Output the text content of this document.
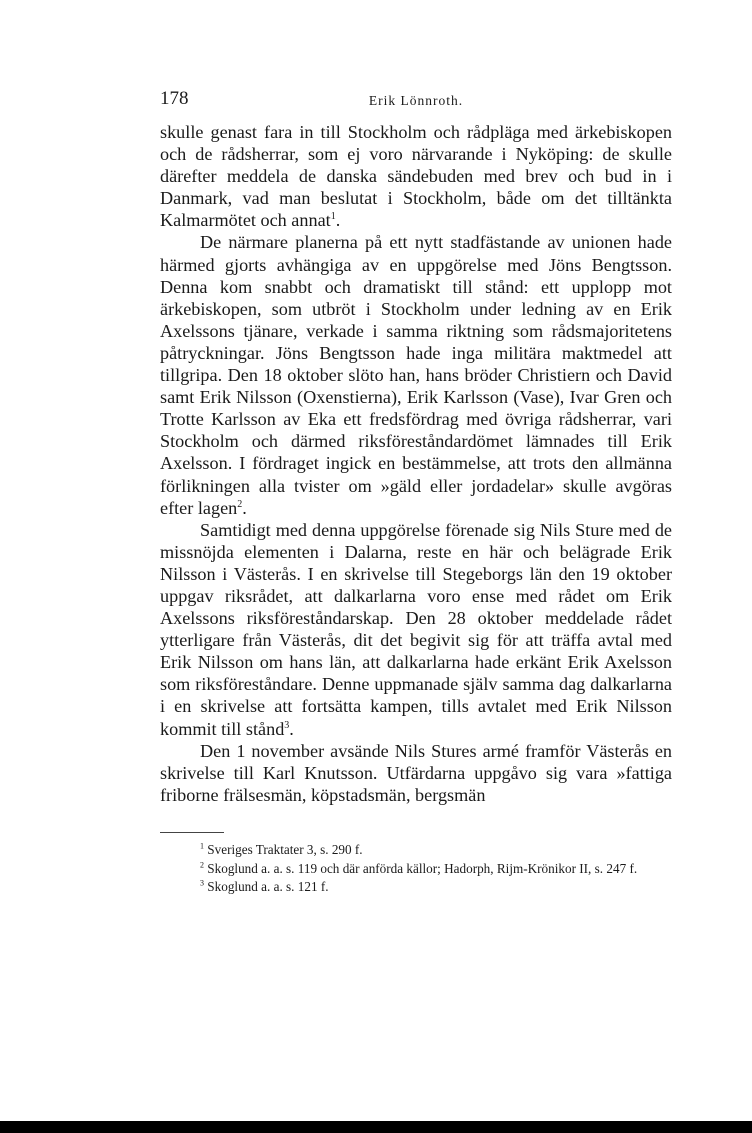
178	Erik Lönnroth.

skulle genast fara in till Stockholm och rådpläga med ärkebiskopen och de rådsherrar, som ej voro närvarande i Nyköping: de skulle därefter meddela de danska sändebuden med brev och bud in i Danmark, vad man beslutat i Stockholm, både om det tilltänkta Kalmarmötet och annat$^1$.

De närmare planerna på ett nytt stadfästande av unionen hade härmed gjorts avhängiga av en uppgörelse med Jöns Bengtsson. Denna kom snabbt och dramatiskt till stånd: ett upplopp mot ärkebiskopen, som utbröt i Stockholm under ledning av en Erik Axelssons tjänare, verkade i samma riktning som rådsmajoritetens påtryckningar. Jöns Bengtsson hade inga militära maktmedel att tillgripa. Den 18 oktober slöto han, hans bröder Christiern och David samt Erik Nilsson (Oxenstierna), Erik Karlsson (Vase), Ivar Gren och Trotte Karlsson av Eka ett fredsfördrag med övriga rådsherrar, vari Stockholm och därmed riksföreståndardömet lämnades till Erik Axelsson. I fördraget ingick en bestämmelse, att trots den allmänna förlikningen alla tvister om »gäld eller jordadelar» skulle avgöras efter lagen$^2$.

Samtidigt med denna uppgörelse förenade sig Nils Sture med de missnöjda elementen i Dalarna, reste en här och belägrade Erik Nilsson i Västerås. I en skrivelse till Stegeborgs län den 19 oktober uppgav riksrådet, att dalkarlarna voro ense med rådet om Erik Axelssons riksföreståndarskap. Den 28 oktober meddelade rådet ytterligare från Västerås, dit det begivit sig för att träffa avtal med Erik Nilsson om hans län, att dalkarlarna hade erkänt Erik Axelsson som riksföreståndare. Denne uppmanade själv samma dag dalkarlarna i en skrivelse att fortsätta kampen, tills avtalet med Erik Nilsson kommit till stånd$^3$.

Den 1 november avsände Nils Stures armé framför Västerås en skrivelse till Karl Knutsson. Utfärdarna uppgåvo sig vara »fattiga friborne frälsesmän, köpstadsmän, bergsmän

$^1$ Sveriges Traktater 3, s. 290 f.

$^2$ Skoglund a. a. s. 119 och där anförda källor; Hadorph, Rijm-Krönikor II, s. 247 f.

$^3$ Skoglund a. a. s. 121 f.
